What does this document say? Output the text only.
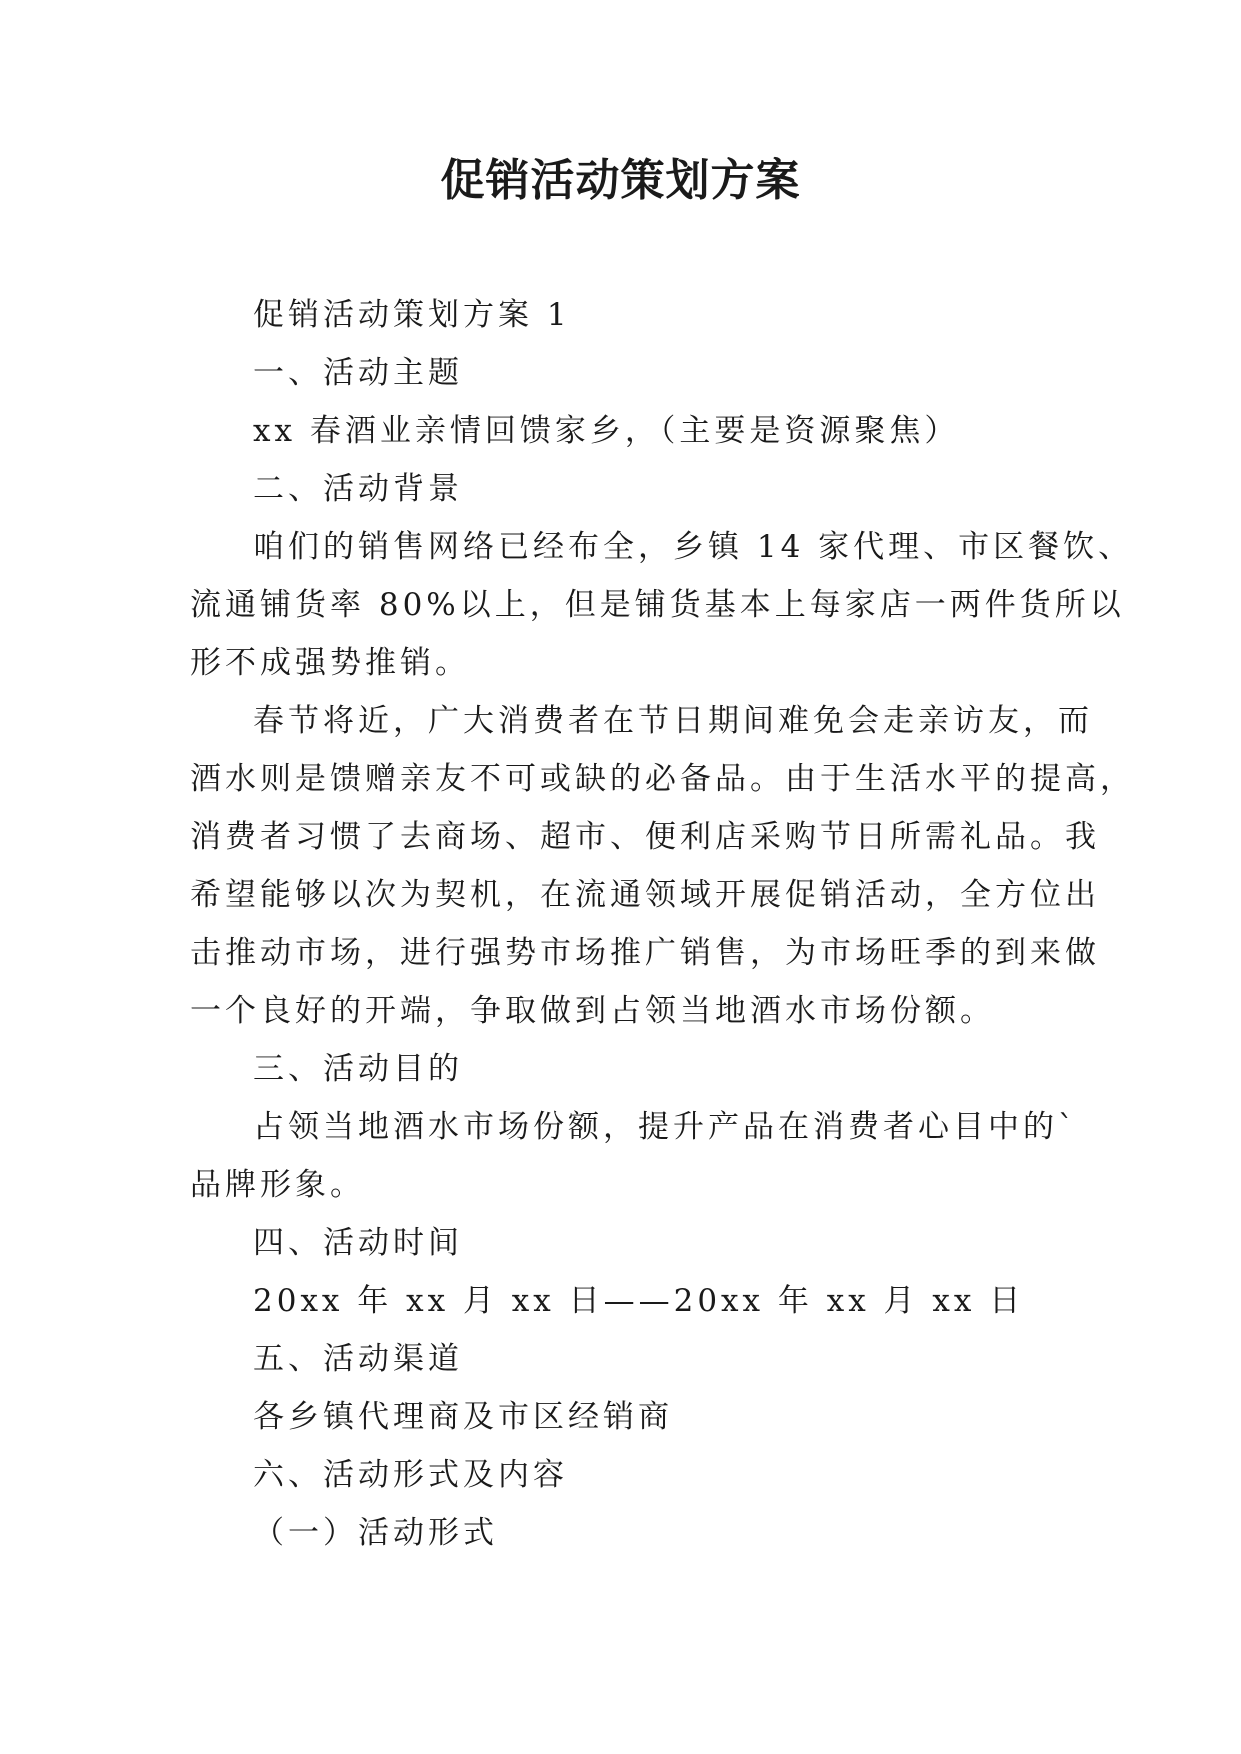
促销活动策划方案
促销活动策划方案 1
一、活动主题
xx 春酒业亲情回馈家乡，（主要是资源聚焦）
二、活动背景
咱们的销售网络已经布全，乡镇 14 家代理、市区餐饮、
流通铺货率 80%以上，但是铺货基本上每家店一两件货所以
形不成强势推销。
春节将近，广大消费者在节日期间难免会走亲访友，而
酒水则是馈赠亲友不可或缺的必备品。由于生活水平的提高，
消费者习惯了去商场、超市、便利店采购节日所需礼品。我
希望能够以次为契机，在流通领域开展促销活动，全方位出
击推动市场，进行强势市场推广销售，为市场旺季的到来做
一个良好的开端，争取做到占领当地酒水市场份额。
三、活动目的
占领当地酒水市场份额，提升产品在消费者心目中的`
品牌形象。
四、活动时间
20xx 年 xx 月 xx 日——20xx 年 xx 月 xx 日
五、活动渠道
各乡镇代理商及市区经销商
六、活动形式及内容
（一）活动形式
